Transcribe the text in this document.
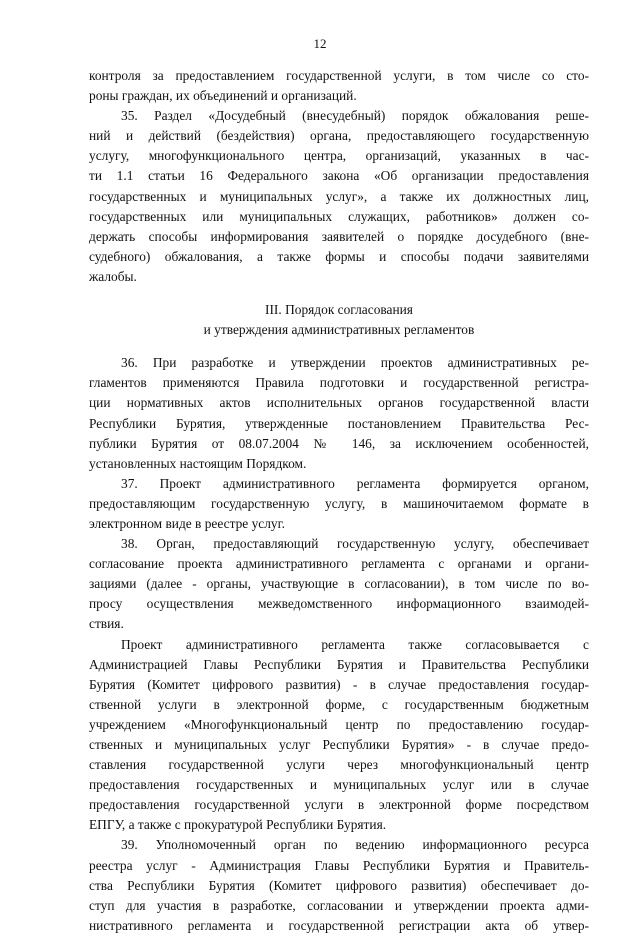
12
контроля за предоставлением государственной услуги, в том числе со сто-
роны граждан, их объединений и организаций.
35. Раздел «Досудебный (внесудебный) порядок обжалования реше-
ний и действий (бездействия) органа, предоставляющего государственную
услугу, многофункционального центра, организаций, указанных в час-
ти 1.1 статьи 16 Федерального закона «Об организации предоставления
государственных и муниципальных услуг», а также их должностных лиц,
государственных или муниципальных служащих, работников» должен со-
держать способы информирования заявителей о порядке досудебного (вне-
судебного) обжалования, а также формы и способы подачи заявителями
жалобы.
III. Порядок согласования
и утверждения административных регламентов
36. При разработке и утверждении проектов административных ре-
гламентов применяются Правила подготовки и государственной регистра-
ции нормативных актов исполнительных органов государственной власти
Республики Бурятия, утвержденные постановлением Правительства Рес-
публики Бурятия от 08.07.2004 № 146, за исключением особенностей,
установленных настоящим Порядком.
37. Проект административного регламента формируется органом,
предоставляющим государственную услугу, в машиночитаемом формате в
электронном виде в реестре услуг.
38. Орган, предоставляющий государственную услугу, обеспечивает
согласование проекта административного регламента с органами и органи-
зациями (далее - органы, участвующие в согласовании), в том числе по во-
просу осуществления межведомственного информационного взаимодей-
ствия.
Проект административного регламента также согласовывается с
Администрацией Главы Республики Бурятия и Правительства Республики
Бурятия (Комитет цифрового развития) - в случае предоставления государ-
ственной услуги в электронной форме, с государственным бюджетным
учреждением «Многофункциональный центр по предоставлению государ-
ственных и муниципальных услуг Республики Бурятия» - в случае предо-
ставления государственной услуги через многофункциональный центр
предоставления государственных и муниципальных услуг или в случае
предоставления государственной услуги в электронной форме посредством
ЕПГУ, а также с прокуратурой Республики Бурятия.
39. Уполномоченный орган по ведению информационного ресурса
реестра услуг - Администрация Главы Республики Бурятия и Правитель-
ства Республики Бурятия (Комитет цифрового развития) обеспечивает до-
ступ для участия в разработке, согласовании и утверждении проекта адми-
нистративного регламента и государственной регистрации акта об утвер-
